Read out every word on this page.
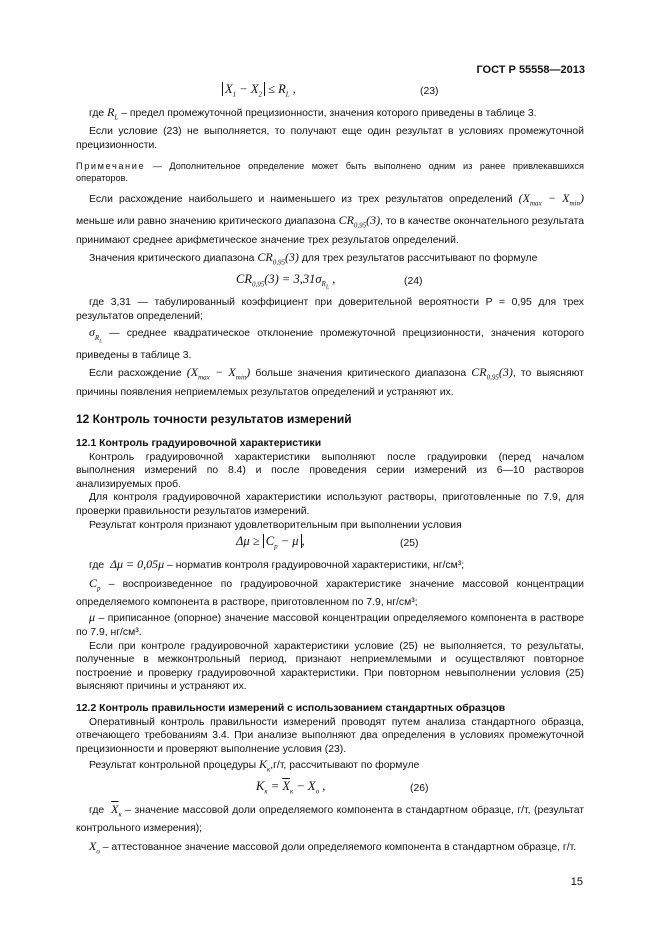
ГОСТ Р 55558—2013
$X_1 - X_2 \le R_L$ ,	(23)

где $R_L$ – предел промежуточной прецизионности, значения которого приведены в таблице 3.

Если условие (23) не выполняется, то получают еще один результат в условиях промежуточной прецизионности.

Примечание — Дополнительное определение может быть выполнено одним из ранее привлекавшихся операторов.

Если расхождение наибольшего и наименьшего из трех результатов определений $(X_{max} - X_{min})$ меньше или равно значению критического диапазона $CR_{0,95}(3)$, то в качестве окончательного результата принимают среднее арифметическое значение трех результатов определений.

Значения критического диапазона $CR_{0,95}(3)$ для трех результатов рассчитывают по формуле

$CR_{0,95}(3) = 3,31\sigma_{R_L}$ ,	(24)

где 3,31 — табулированный коэффициент при доверительной вероятности P = 0,95 для трех результатов определений;

$\sigma_{R_L}$ — среднее квадратическое отклонение промежуточной прецизионности, значения которого приведены в таблице 3.

Если расхождение $(X_{max} - X_{min})$ больше значения критического диапазона $CR_{0,95}(3)$, то выясняют причины появления неприемлемых результатов определений и устраняют их.

12 Контроль точности результатов измерений
12.1 Контроль градуировочной характеристики

Контроль градуировочной характеристики выполняют после градуировки (перед началом выполнения измерений по 8.4) и после проведения серии измерений из 6—10 растворов анализируемых проб.

Для контроля градуировочной характеристики используют растворы, приготовленные по 7.9, для проверки правильности результатов измерений.

Результат контроля признают удовлетворительным при выполнении условия

$\Delta\mu \ge C_p - \mu$ ,	(25)

где Δμ = 0,05μ – норматив контроля градуировочной характеристики, нг/см³;

$C_p$ – воспроизведенное по градуировочной характеристике значение массовой концентрации определяемого компонента в растворе, приготовленном по 7.9, нг/см³;

μ – приписанное (опорное) значение массовой концентрации определяемого компонента в растворе по 7.9, нг/см³.

Если при контроле градуировочной характеристики условие (25) не выполняется, то результаты, полученные в межконтрольный период, признают неприемлемыми и осуществляют повторное построение и проверку градуировочной характеристики. При повторном невыполнении условия (25) выясняют причины и устраняют их.

12.2 Контроль правильности измерений с использованием стандартных образцов

Оперативный контроль правильности измерений проводят путем анализа стандартного образца, отвечающего требованиям 3.4. При анализе выполняют два определения в условиях промежуточной прецизионности и проверяют выполнение условия (23).

Результат контрольной процедуры $K_к,г/т$, рассчитывают по формуле

$K_к = \overline{X}_к - X_о$ ,	(26)

где $\overline{X}_к$ – значение массовой доли определяемого компонента в стандартном образце, г/т, (результат контрольного измерения);

$X_о$ – аттестованное значение массовой доли определяемого компонента в стандартном образце, г/т.

15
